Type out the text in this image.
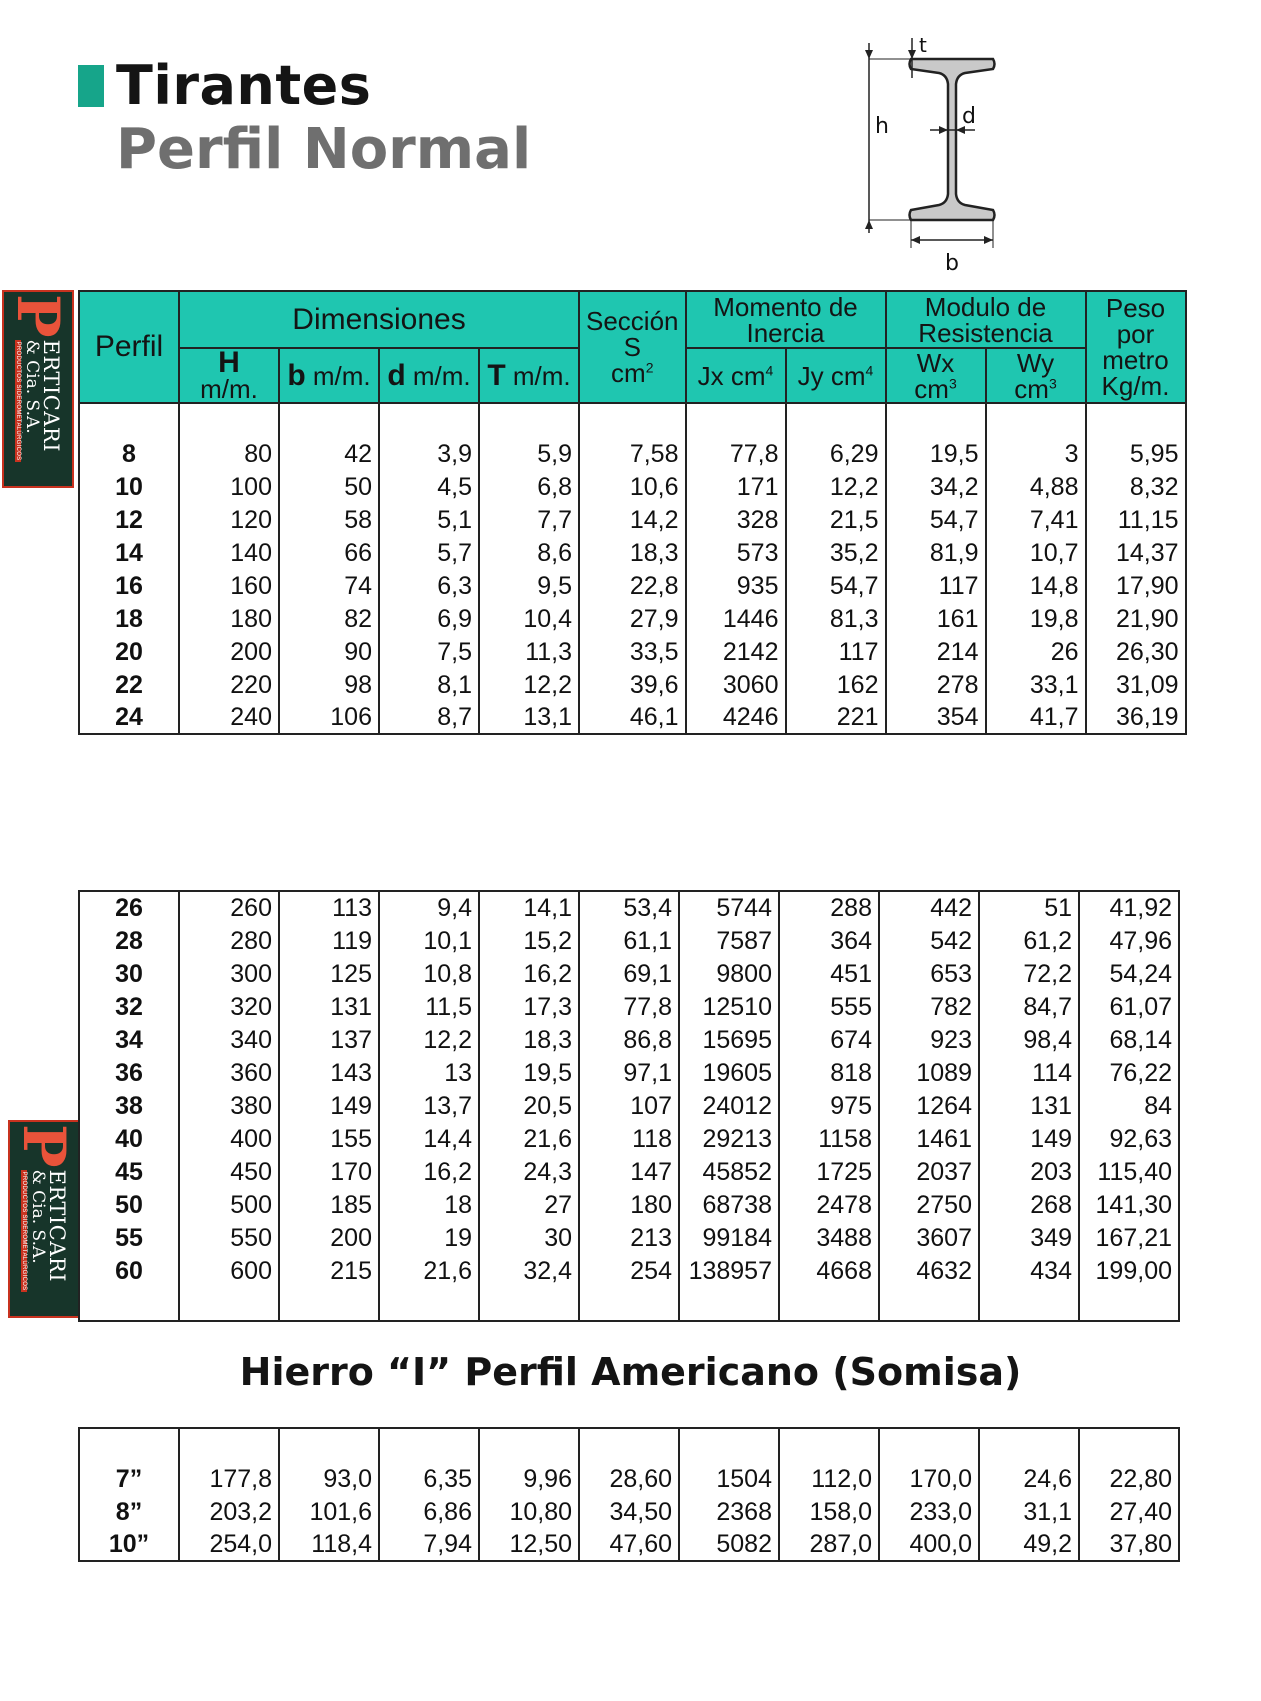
Tirantes
Perfil Normal	h
t
d
b
P
ERTICARI
& Cia. S.A.
PRODUCTOS SIDEROMETALÚRGICOS
P
ERTICARI
& Cia. S.A.
PRODUCTOS SIDEROMETALÚRGICOS
Perfil	Dimensiones				Sección
S
$cm^2$	Momento de Inercia		Modulo de Resistencia		Peso por
metro
Kg/m.
	H m/m.	b m/m.	d m/m.	T m/m.		Jx $cm^4$	Jy $cm^4$	Wx $cm^3$	Wy $cm^3$

8	80	42	3,9	5,9	7,58	77,8	6,29	19,5	3	5,95
10	100	50	4,5	6,8	10,6	171	12,2	34,2	4,88	8,32
12	120	58	5,1	7,7	14,2	328	21,5	54,7	7,41	11,15
14	140	66	5,7	8,6	18,3	573	35,2	81,9	10,7	14,37
16	160	74	6,3	9,5	22,8	935	54,7	117	14,8	17,90
18	180	82	6,9	10,4	27,9	1446	81,3	161	19,8	21,90
20	200	90	7,5	11,3	33,5	2142	117	214	26	26,30
22	220	98	8,1	12,2	39,6	3060	162	278	33,1	31,09
24	240	106	8,7	13,1	46,1	4246	221	354	41,7	36,19
26	260	113	9,4	14,1	53,4	5744	288	442	51	41,92
28	280	119	10,1	15,2	61,1	7587	364	542	61,2	47,96
30	300	125	10,8	16,2	69,1	9800	451	653	72,2	54,24
32	320	131	11,5	17,3	77,8	12510	555	782	84,7	61,07
34	340	137	12,2	18,3	86,8	15695	674	923	98,4	68,14
36	360	143	13	19,5	97,1	19605	818	1089	114	76,22
38	380	149	13,7	20,5	107	24012	975	1264	131	84
40	400	155	14,4	21,6	118	29213	1158	1461	149	92,63
45	450	170	16,2	24,3	147	45852	1725	2037	203	115,40
50	500	185	18	27	180	68738	2478	2750	268	141,30
55	550	200	19	30	213	99184	3488	3607	349	167,21
60	600	215	21,6	32,4	254	138957	4668	4632	434	199,00

Hierro “I” Perfil Americano (Somisa)

7”	177,8	93,0	6,35	9,96	28,60	1504	112,0	170,0	24,6	22,80
8”	203,2	101,6	6,86	10,80	34,50	2368	158,0	233,0	31,1	27,40
10”	254,0	118,4	7,94	12,50	47,60	5082	287,0	400,0	49,2	37,80
